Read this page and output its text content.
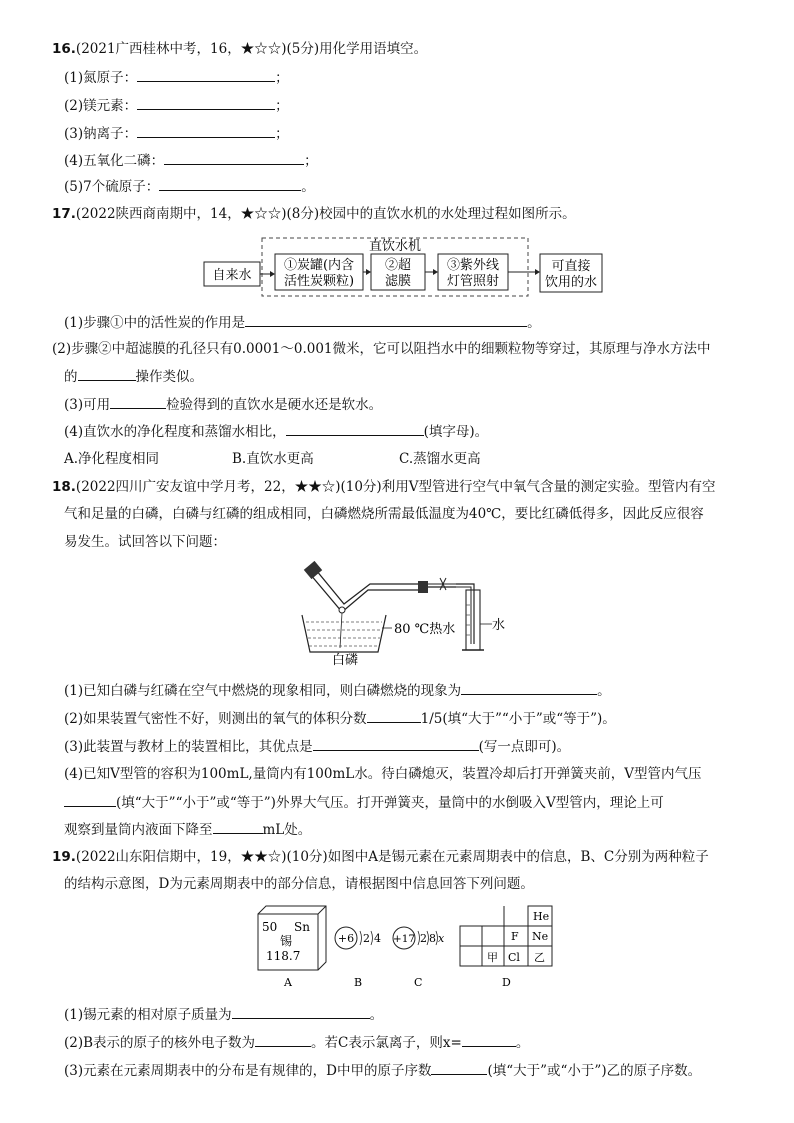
16.(2021广西桂林中考，16，★☆☆)(5分)用化学用语填空。
(1)氮原子：	；
(2)镁元素：	；
(3)钠离子：	；
(4)五氧化二磷：	；
(5)7个硫原子：	。
17.(2022陕西商南期中，14，★☆☆)(8分)校园中的直饮水机的水处理过程如图所示。
直饮水机
自来水
①炭罐(内含
活性炭颗粒)
②超
滤膜
③紫外线
灯管照射
可直接
饮用的水
(1)步骤①中的活性炭的作用是	。
(2)步骤②中超滤膜的孔径只有0.0001～0.001微米，它可以阻挡水中的细颗粒物等穿过，其原理与净水方法中
的	操作类似。
(3)可用	检验得到的直饮水是硬水还是软水。
(4)直饮水的净化程度和蒸馏水相比，	(填字母)。
A.净化程度相同	B.直饮水更高	C.蒸馏水更高
18.(2022四川广安友谊中学月考，22，★★☆)(10分)利用V型管进行空气中氧气含量的测定实验。型管内有空
气和足量的白磷，白磷与红磷的组成相同，白磷燃烧所需最低温度为40℃，要比红磷低得多，因此反应很容
易发生。试回答以下问题：
水
80 ℃热水
白磷
(1)已知白磷与红磷在空气中燃烧的现象相同，则白磷燃烧的现象为	。
(2)如果装置气密性不好，则测出的氧气的体积分数	1/5(填“大于”“小于”或“等于”)。
(3)此装置与教材上的装置相比，其优点是	(写一点即可)。
(4)已知V型管的容积为100mL,量筒内有100mL水。待白磷熄灭，装置冷却后打开弹簧夹前，V型管内气压
(填“大于”“小于”或“等于”)外界大气压。打开弹簧夹，量筒中的水倒吸入V型管内，理论上可
观察到量筒内液面下降至	mL处。
19.(2022山东阳信期中，19，★★☆)(10分)如图中A是锡元素在元素周期表中的信息，B、C分别为两种粒子
的结构示意图，D为元素周期表中的部分信息，请根据图中信息回答下列问题。
50 Sn
锡
118.7
A
+6 2 4
B
+17 2 8 x
C
He
F Ne
甲 Cl 乙
D
(1)锡元素的相对原子质量为	。
(2)B表示的原子的核外电子数为	。若C表示氯离子，则x=	。
(3)元素在元素周期表中的分布是有规律的，D中甲的原子序数	(填“大于”或“小于”)乙的原子序数。
